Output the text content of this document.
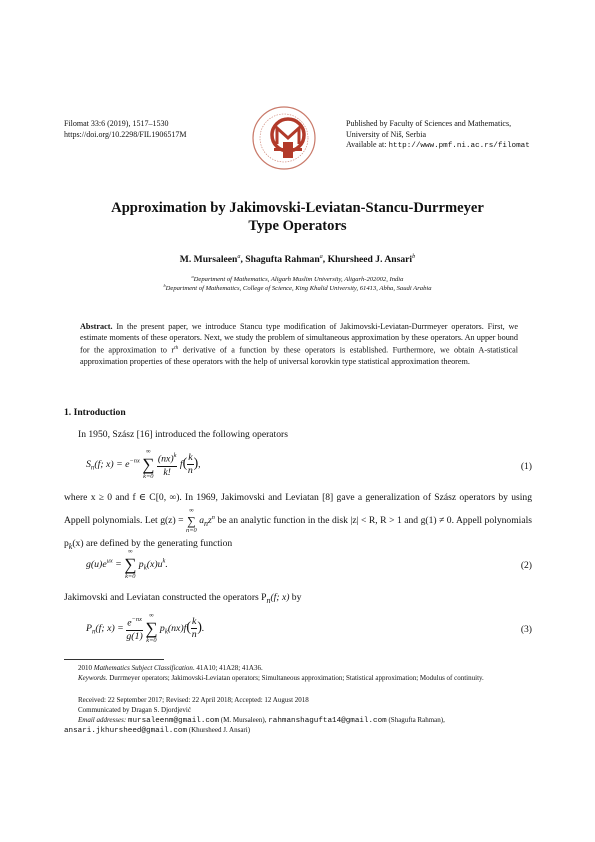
Filomat 33:6 (2019), 1517–1530
https://doi.org/10.2298/FIL1906517M
Published by Faculty of Sciences and Mathematics,
University of Niš, Serbia
Available at: http://www.pmf.ni.ac.rs/filomat
Approximation by Jakimovski-Leviatan-Stancu-Durrmeyer
Type Operators
M. Mursaleen$^a$, Shagufta Rahman$^a$, Khursheed J. Ansari$^b$
$^a$Department of Mathematics, Aligarh Muslim University, Aligarh-202002, India
$^b$Department of Mathematics, College of Science, King Khalid University, 61413, Abha, Saudi Arabia
Abstract. In the present paper, we introduce Stancu type modification of Jakimovski-Leviatan-Durrmeyer operators. First, we estimate moments of these operators. Next, we study the problem of simultaneous approximation by these operators. An upper bound for the approximation to $r^{th}$ derivative of a function by these operators is established. Furthermore, we obtain A-statistical approximation properties of these operators with the help of universal korovkin type statistical approximation theorem.
1. Introduction
In 1950, Szász [16] introduced the following operators
$S_n(f$; $x) = e^{-nx}$
∞
∑
k=0
$\frac{(nx)^k}{k!} f( \frac{k}{n}$ ),	(1)
where x ≥ 0 and f ∈ C[0, ∞). In 1969, Jakimovski and Leviatan [8] gave a generalization of Szász operators by using Appell polynomials. Let g(z) =
∞
∑
n=0
$a_nz^n$ be an analytic function in the disk |z| < R, R > 1 and g(1) ≠ 0. Appell polynomials $p_k(x)$ are defined by the generating function
$g(u)e^{ux}$ =
∞
∑
k=0
$p_k(x)u^k$.	(2)
Jakimovski and Leviatan constructed the operators $P_n(f$; x) by
$P_n(f$; $x) = \frac{e^{-nx}}{g(1)}$
∞
∑
k=0
$p_k(nx)f( \frac{k}{n}$ ).	(3)
2010 Mathematics Subject Classification. 41A10; 41A28; 41A36.
Keywords. Durrmeyer operators; Jakimovski-Leviatan operators; Simultaneous approximation; Statistical approximation; Modulus of continuity.
Received: 22 September 2017; Revised: 22 April 2018; Accepted: 12 August 2018
Communicated by Dragan S. Djordjević
Email addresses: mursaleenm@gmail.com (M. Mursaleen), rahmanshagufta14@gmail.com (Shagufta Rahman), ansari.jkhursheed@gmail.com (Khursheed J. Ansari)
